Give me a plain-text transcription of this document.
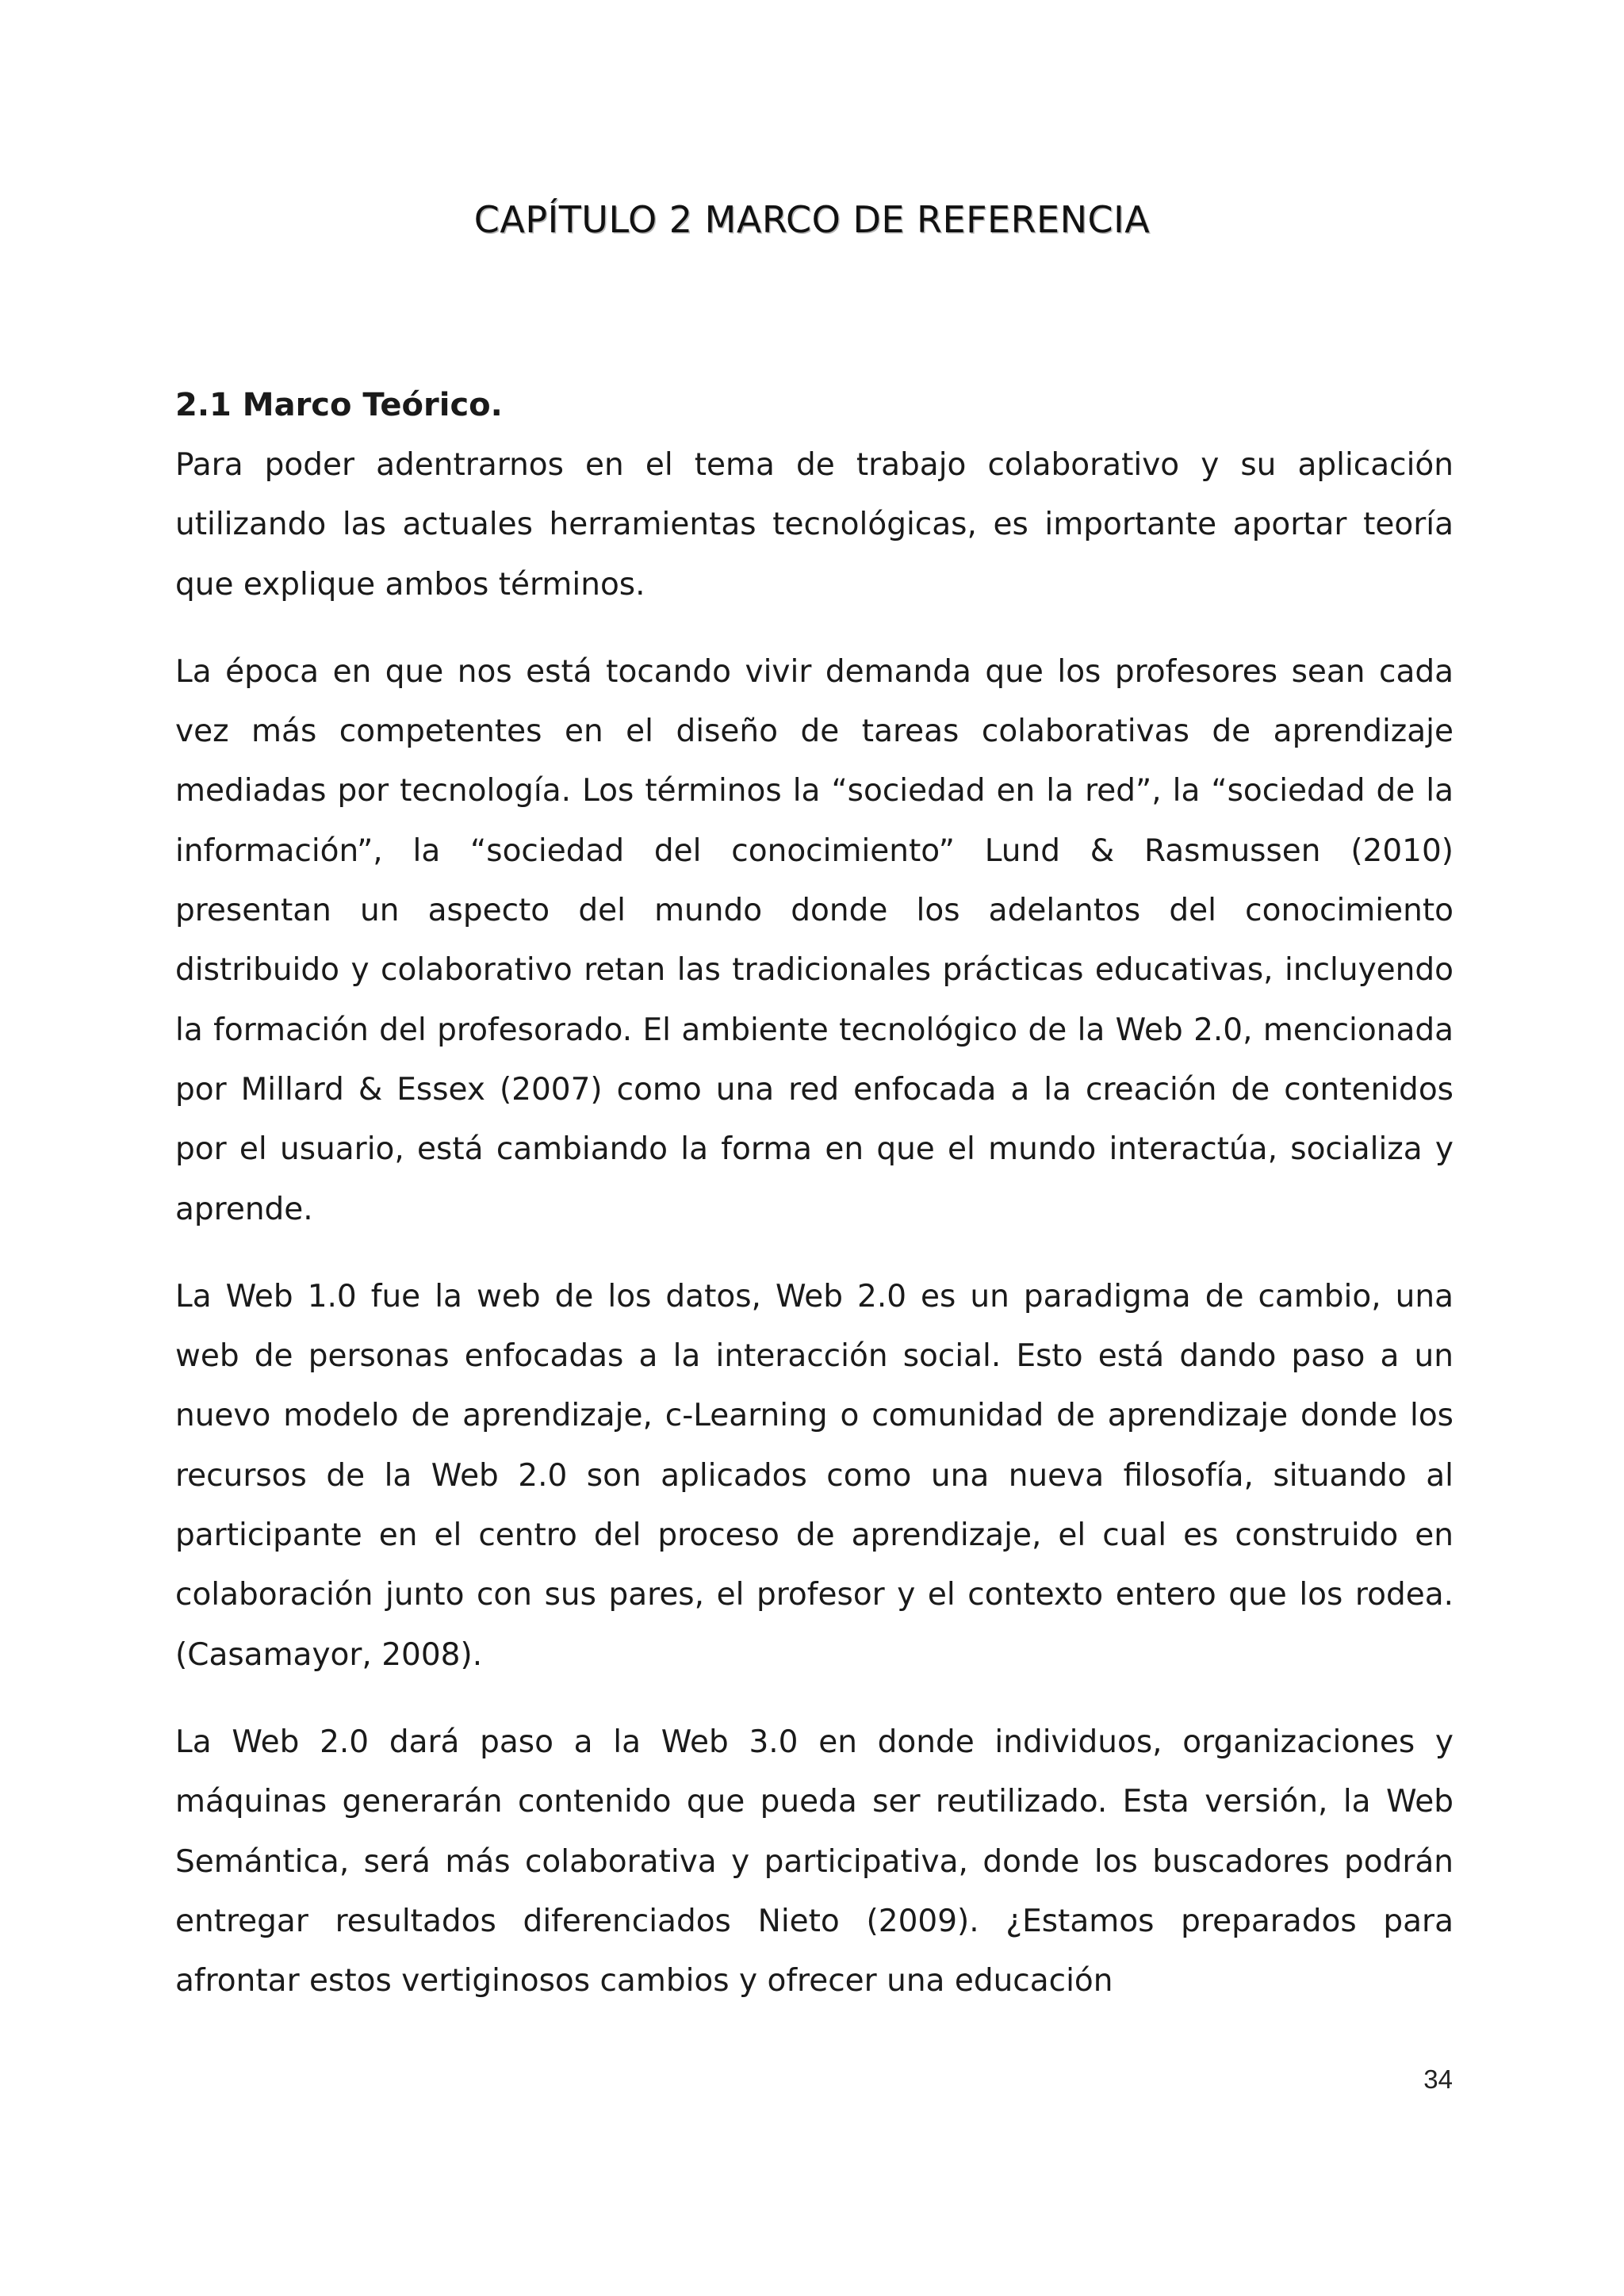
CAPÍTULO 2 MARCO DE REFERENCIA
2.1 Marco Teórico.

Para poder adentrarnos en el tema de trabajo colaborativo y su aplicación utilizando las actuales herramientas tecnológicas, es importante aportar teoría que explique ambos términos.

La época en que nos está tocando vivir demanda que los profesores sean cada vez más competentes en el diseño de tareas colaborativas de aprendizaje mediadas por tecnología. Los términos la “sociedad en la red”, la “sociedad de la información”, la “sociedad del conocimiento” Lund & Rasmussen (2010) presentan un aspecto del mundo donde los adelantos del conocimiento distribuido y colaborativo retan las tradicionales prácticas educativas, incluyendo la formación del profesorado. El ambiente tecnológico de la Web 2.0, mencionada por Millard & Essex (2007) como una red enfocada a la creación de contenidos por el usuario, está cambiando la forma en que el mundo interactúa, socializa y aprende.

La Web 1.0 fue la web de los datos, Web 2.0 es un paradigma de cambio, una web de personas enfocadas a la interacción social. Esto está dando paso a un nuevo modelo de aprendizaje, c-Learning o comunidad de aprendizaje donde los recursos de la Web 2.0 son aplicados como una nueva filosofía, situando al participante en el centro del proceso de aprendizaje, el cual es construido en colaboración junto con sus pares, el profesor y el contexto entero que los rodea. (Casamayor, 2008).

La Web 2.0 dará paso a la Web 3.0 en donde individuos, organizaciones y máquinas generarán contenido que pueda ser reutilizado. Esta versión, la Web Semántica, será más colaborativa y participativa, donde los buscadores podrán entregar resultados diferenciados Nieto (2009). ¿Estamos preparados para afrontar estos vertiginosos cambios y ofrecer una educación

34
